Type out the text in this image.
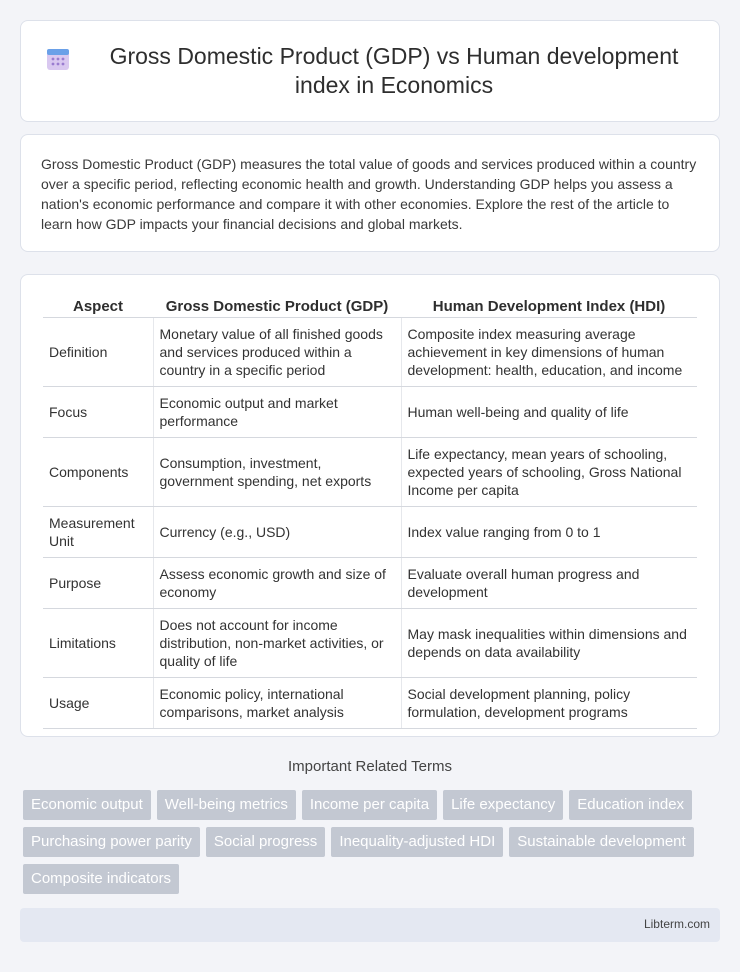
Gross Domestic Product (GDP) vs Human development index in Economics

Gross Domestic Product (GDP) measures the total value of goods and services produced within a country over a specific period, reflecting economic health and growth. Understanding GDP helps you assess a nation's economic performance and compare it with other economies. Explore the rest of the article to learn how GDP impacts your financial decisions and global markets.

Aspect	Gross Domestic Product (GDP)	Human Development Index (HDI)
Definition	Monetary value of all finished goods and services produced within a country in a specific period	Composite index measuring average achievement in key dimensions of human development: health, education, and income
Focus	Economic output and market performance	Human well-being and quality of life
Components	Consumption, investment, government spending, net exports	Life expectancy, mean years of schooling, expected years of schooling, Gross National Income per capita
Measurement Unit	Currency (e.g., USD)	Index value ranging from 0 to 1
Purpose	Assess economic growth and size of economy	Evaluate overall human progress and development
Limitations	Does not account for income distribution, non-market activities, or quality of life	May mask inequalities within dimensions and depends on data availability
Usage	Economic policy, international comparisons, market analysis	Social development planning, policy formulation, development programs
Important Related Terms
Economic output	Well-being metrics	Income per capita	Life expectancy	Education index
Purchasing power parity	Social progress	Inequality-adjusted HDI	Sustainable development
Composite indicators
Libterm.com
